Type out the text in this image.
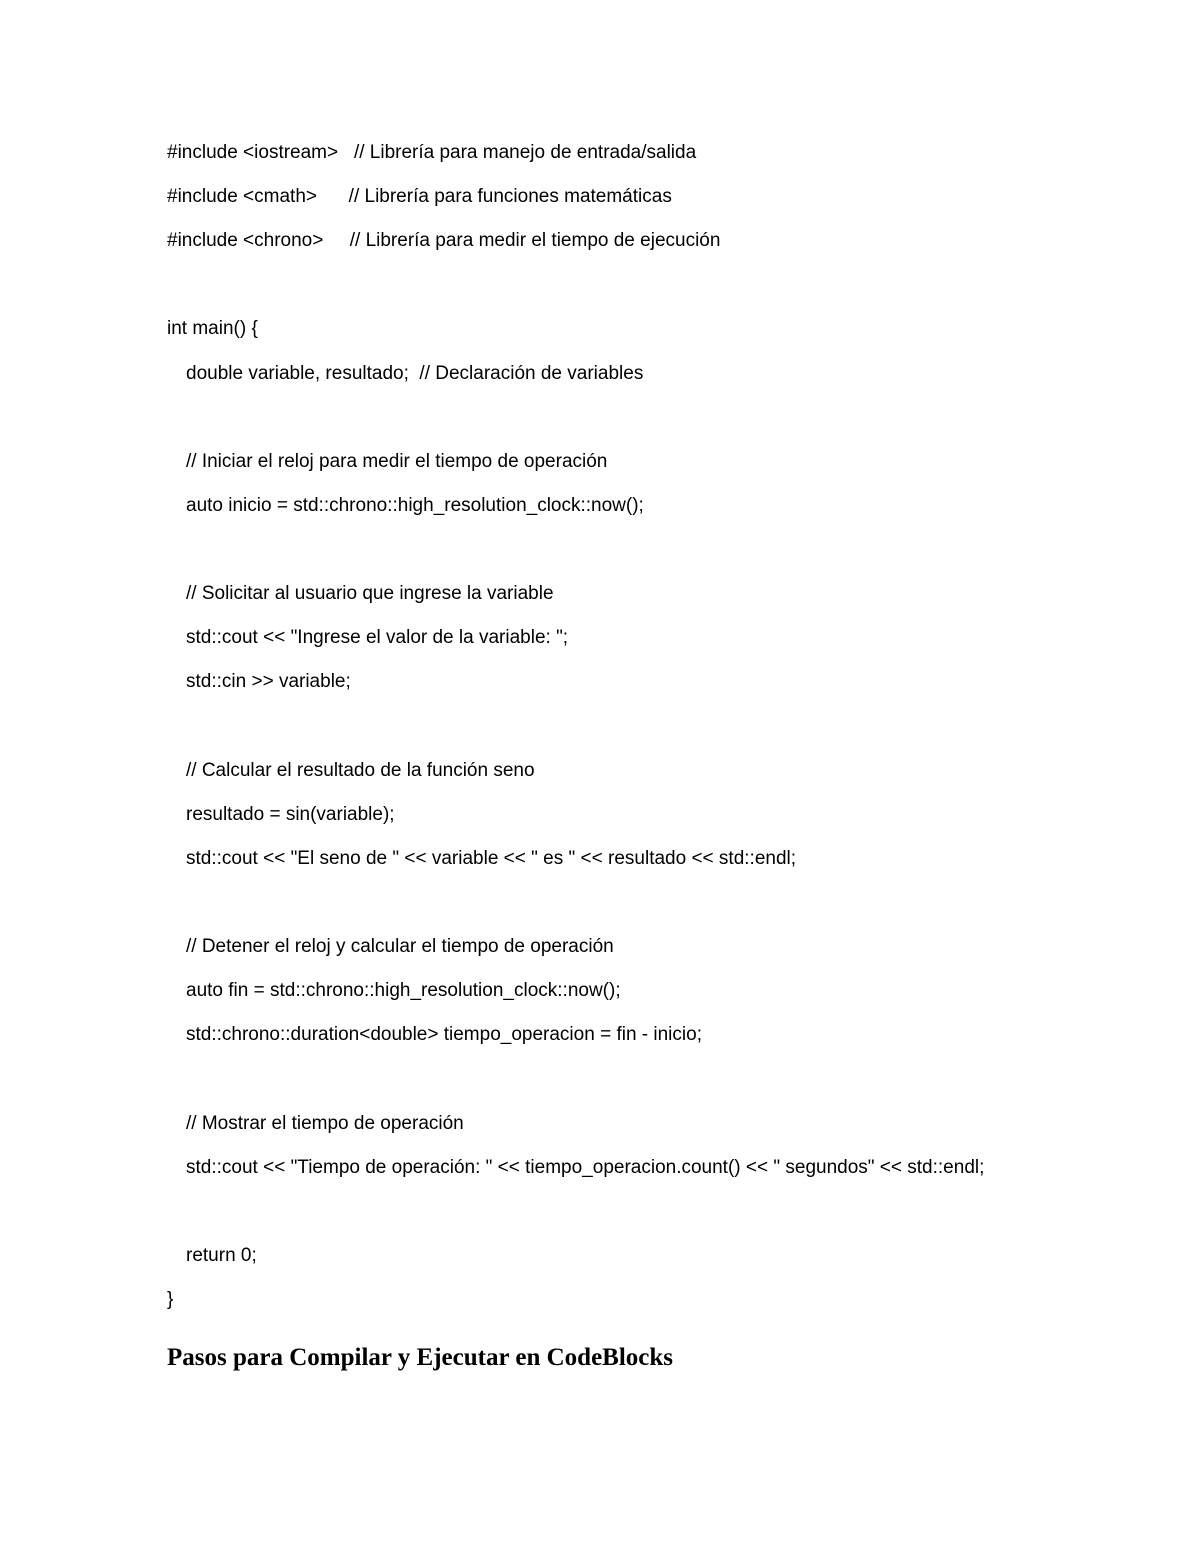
#include <iostream>   // Librería para manejo de entrada/salida
#include <cmath>      // Librería para funciones matemáticas
#include <chrono>     // Librería para medir el tiempo de ejecución
int main() {
double variable, resultado;  // Declaración de variables
// Iniciar el reloj para medir el tiempo de operación
auto inicio = std::chrono::high_resolution_clock::now();
// Solicitar al usuario que ingrese la variable
std::cout << "Ingrese el valor de la variable: ";
std::cin >> variable;
// Calcular el resultado de la función seno
resultado = sin(variable);
std::cout << "El seno de " << variable << " es " << resultado << std::endl;
// Detener el reloj y calcular el tiempo de operación
auto fin = std::chrono::high_resolution_clock::now();
std::chrono::duration<double> tiempo_operacion = fin - inicio;
// Mostrar el tiempo de operación
std::cout << "Tiempo de operación: " << tiempo_operacion.count() << " segundos" << std::endl;
return 0;
}
Pasos para Compilar y Ejecutar en CodeBlocks
